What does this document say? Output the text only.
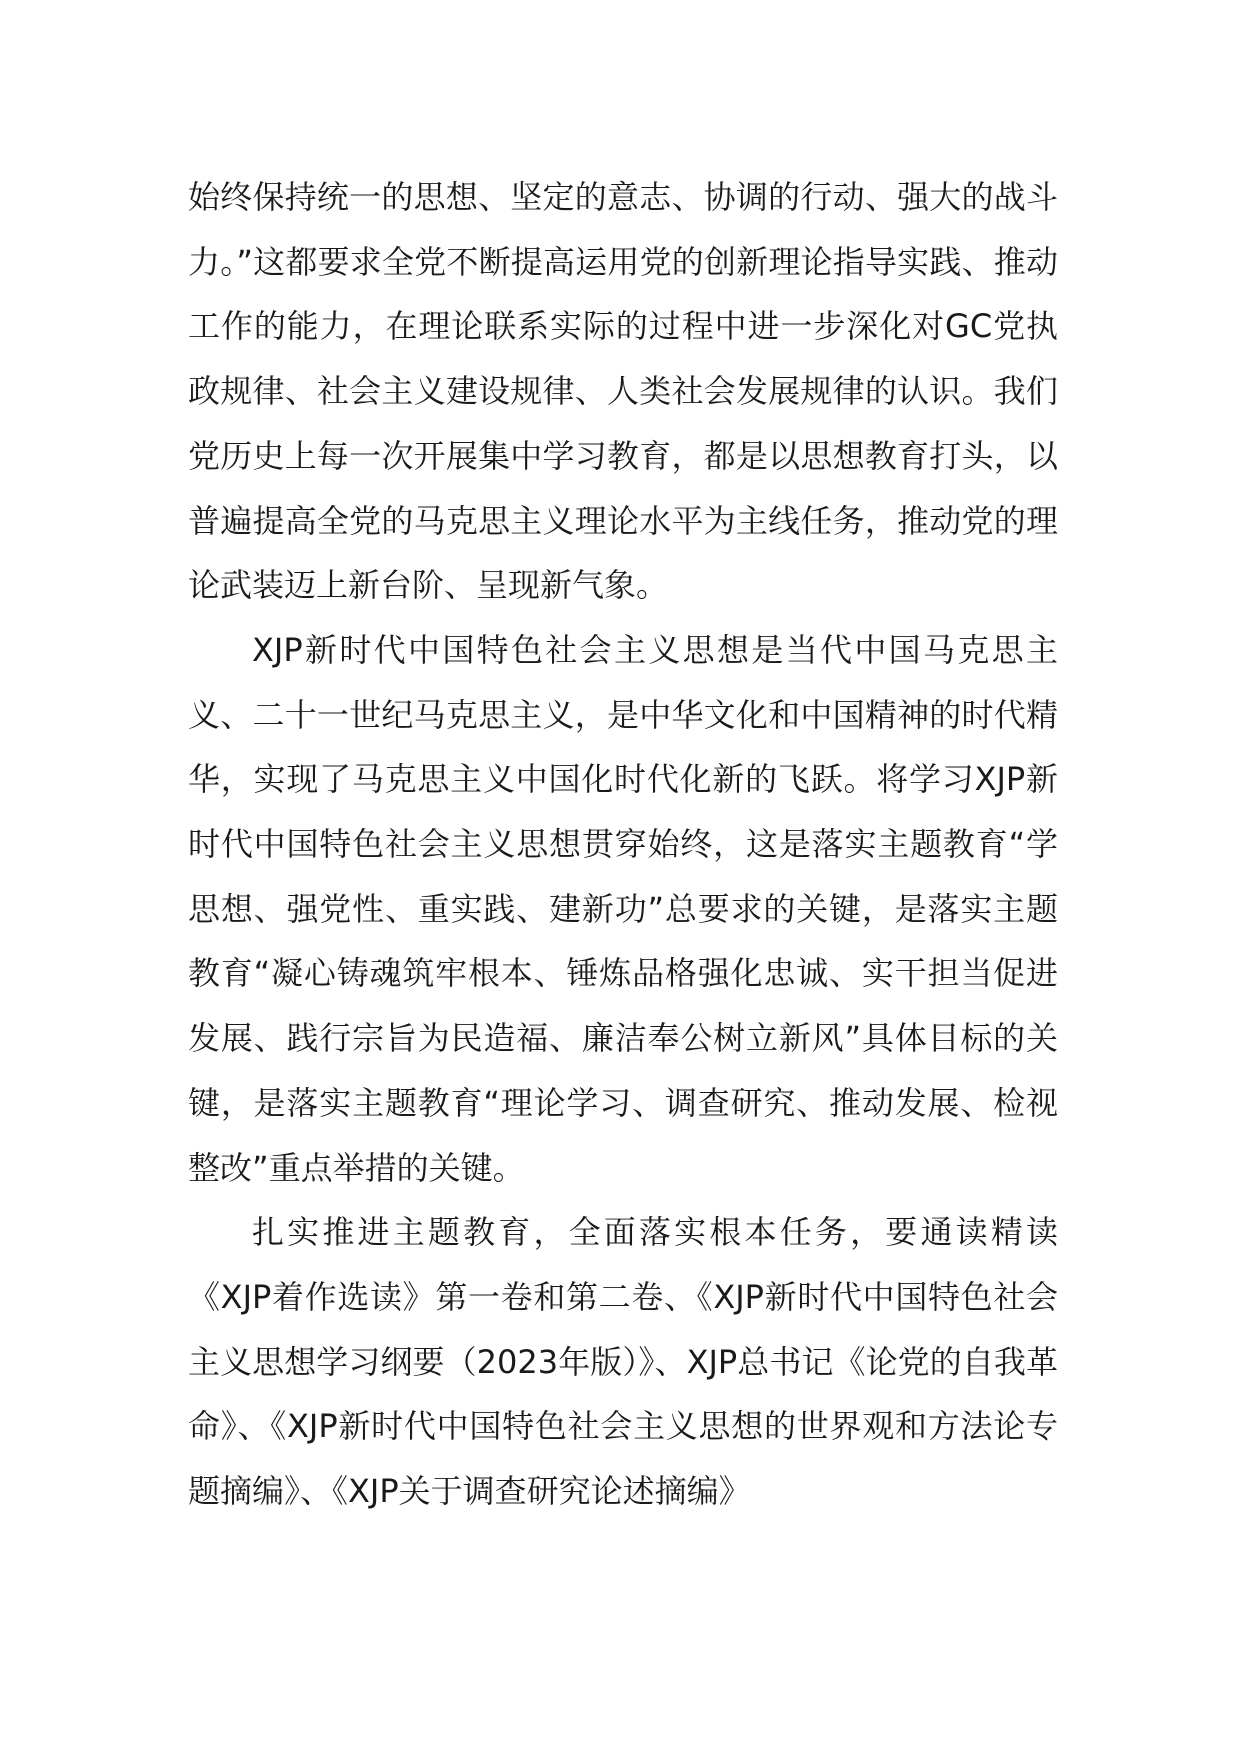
始终保持统一的思想、坚定的意志、协调的行动、强大的战斗力。”这都要求全党不断提高运用党的创新理论指导实践、推动工作的能力，在理论联系实际的过程中进一步深化对GC党执政规律、社会主义建设规律、人类社会发展规律的认识。我们党历史上每一次开展集中学习教育，都是以思想教育打头，以普遍提高全党的马克思主义理论水平为主线任务，推动党的理论武装迈上新台阶、呈现新气象。

XJP新时代中国特色社会主义思想是当代中国马克思主义、二十一世纪马克思主义，是中华文化和中国精神的时代精华，实现了马克思主义中国化时代化新的飞跃。将学习XJP新时代中国特色社会主义思想贯穿始终，这是落实主题教育“学思想、强党性、重实践、建新功”总要求的关键，是落实主题教育“凝心铸魂筑牢根本、锤炼品格强化忠诚、实干担当促进发展、践行宗旨为民造福、廉洁奉公树立新风”具体目标的关键，是落实主题教育“理论学习、调查研究、推动发展、检视整改”重点举措的关键。

扎实推进主题教育，全面落实根本任务，要通读精读《XJP着作选读》第一卷和第二卷、《XJP新时代中国特色社会主义思想学习纲要（2023年版）》、XJP总书记《论党的自我革命》、《XJP新时代中国特色社会主义思想的世界观和方法论专题摘编》、《XJP关于调查研究论述摘编》
